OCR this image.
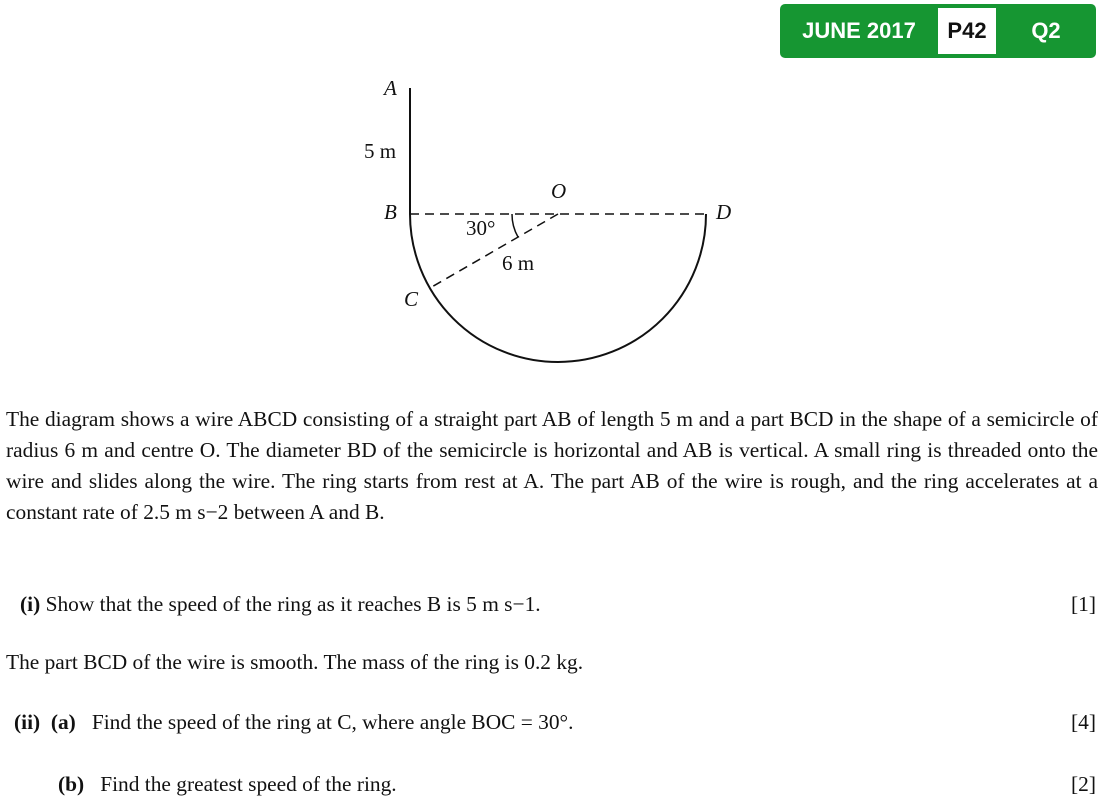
JUNE 2017	P42	Q2
A
5 m
B
O
D
30°
6 m
C
The diagram shows a wire ABCD consisting of a straight part AB of length 5 m and a part BCD in the shape of a semicircle of radius 6 m and centre O. The diameter BD of the semicircle is horizontal and AB is vertical. A small ring is threaded onto the wire and slides along the wire. The ring starts from rest at A. The part AB of the wire is rough, and the ring accelerates at a constant rate of 2.5 m s−2 between A and B.
(i) Show that the speed of the ring as it reaches B is 5 m s−1.	[1]
The part BCD of the wire is smooth. The mass of the ring is 0.2 kg.
(ii) (a) Find the speed of the ring at C, where angle BOC = 30°.	[4]
(b) Find the greatest speed of the ring.	[2]
